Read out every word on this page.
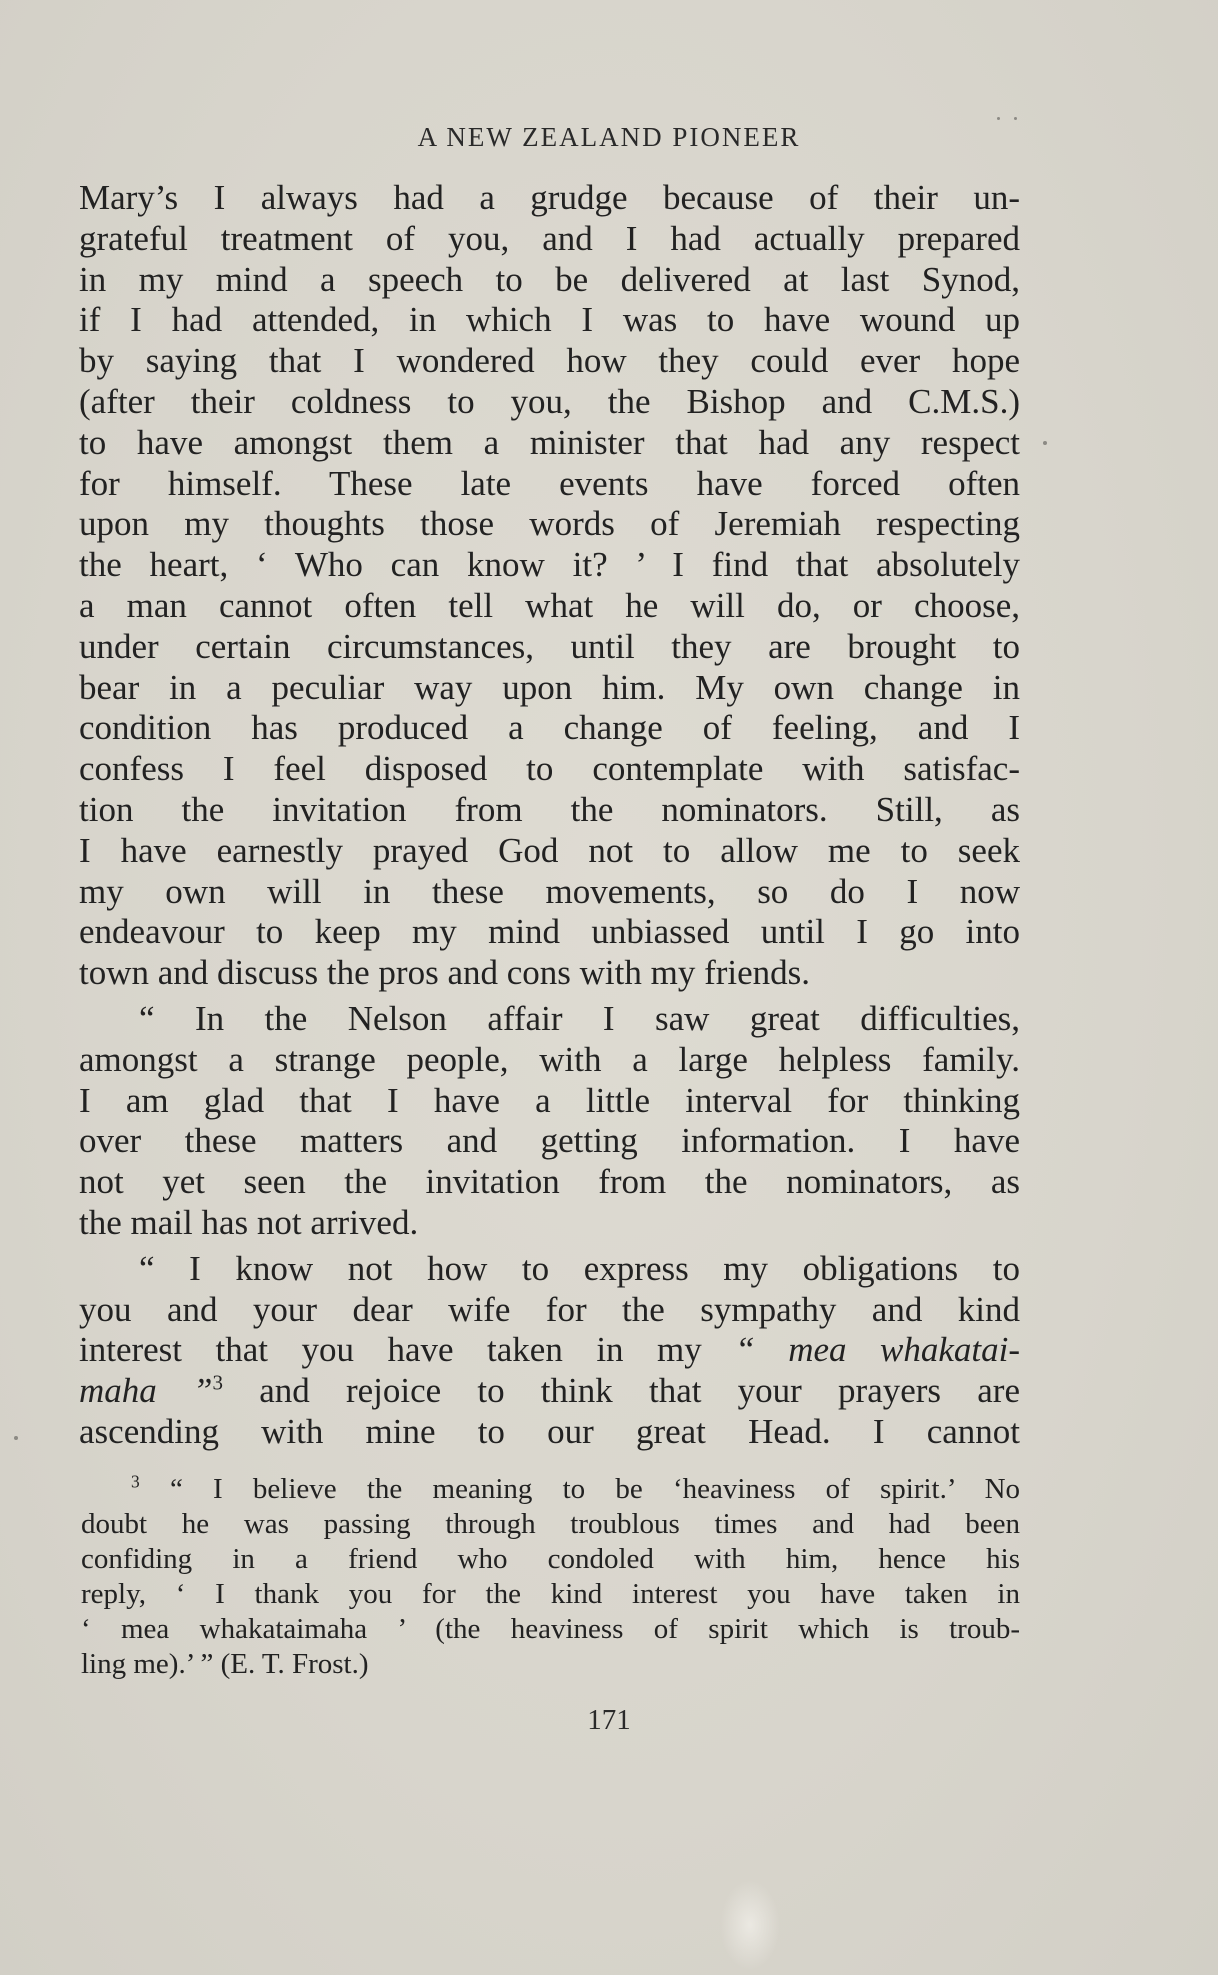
A NEW ZEALAND PIONEER
Mary’s I always had a grudge because of their un-
grateful treatment of you, and I had actually prepared
in my mind a speech to be delivered at last Synod,
if I had attended, in which I was to have wound up
by saying that I wondered how they could ever hope
(after their coldness to you, the Bishop and C.M.S.)
to have amongst them a minister that had any respect
for himself. These late events have forced often
upon my thoughts those words of Jeremiah respecting
the heart, ‘ Who can know it? ’ I find that absolutely
a man cannot often tell what he will do, or choose,
under certain circumstances, until they are brought to
bear in a peculiar way upon him. My own change in
condition has produced a change of feeling, and I
confess I feel disposed to contemplate with satisfac-
tion the invitation from the nominators. Still, as
I have earnestly prayed God not to allow me to seek
my own will in these movements, so do I now
endeavour to keep my mind unbiassed until I go into
town and discuss the pros and cons with my friends.
“ In the Nelson affair I saw great difficulties,
amongst a strange people, with a large helpless family.
I am glad that I have a little interval for thinking
over these matters and getting information. I have
not yet seen the invitation from the nominators, as
the mail has not arrived.
“ I know not how to express my obligations to
you and your dear wife for the sympathy and kind
interest that you have taken in my “ mea whakatai-
maha ”$^3$ and rejoice to think that your prayers are
ascending with mine to our great Head. I cannot
$^3$ “ I believe the meaning to be ‘heaviness of spirit.’ No
doubt he was passing through troublous times and had been
confiding in a friend who condoled with him, hence his
reply, ‘ I thank you for the kind interest you have taken in
‘ mea whakataimaha ’ (the heaviness of spirit which is troub-
ling me).’ ” (E. T. Frost.)
171
